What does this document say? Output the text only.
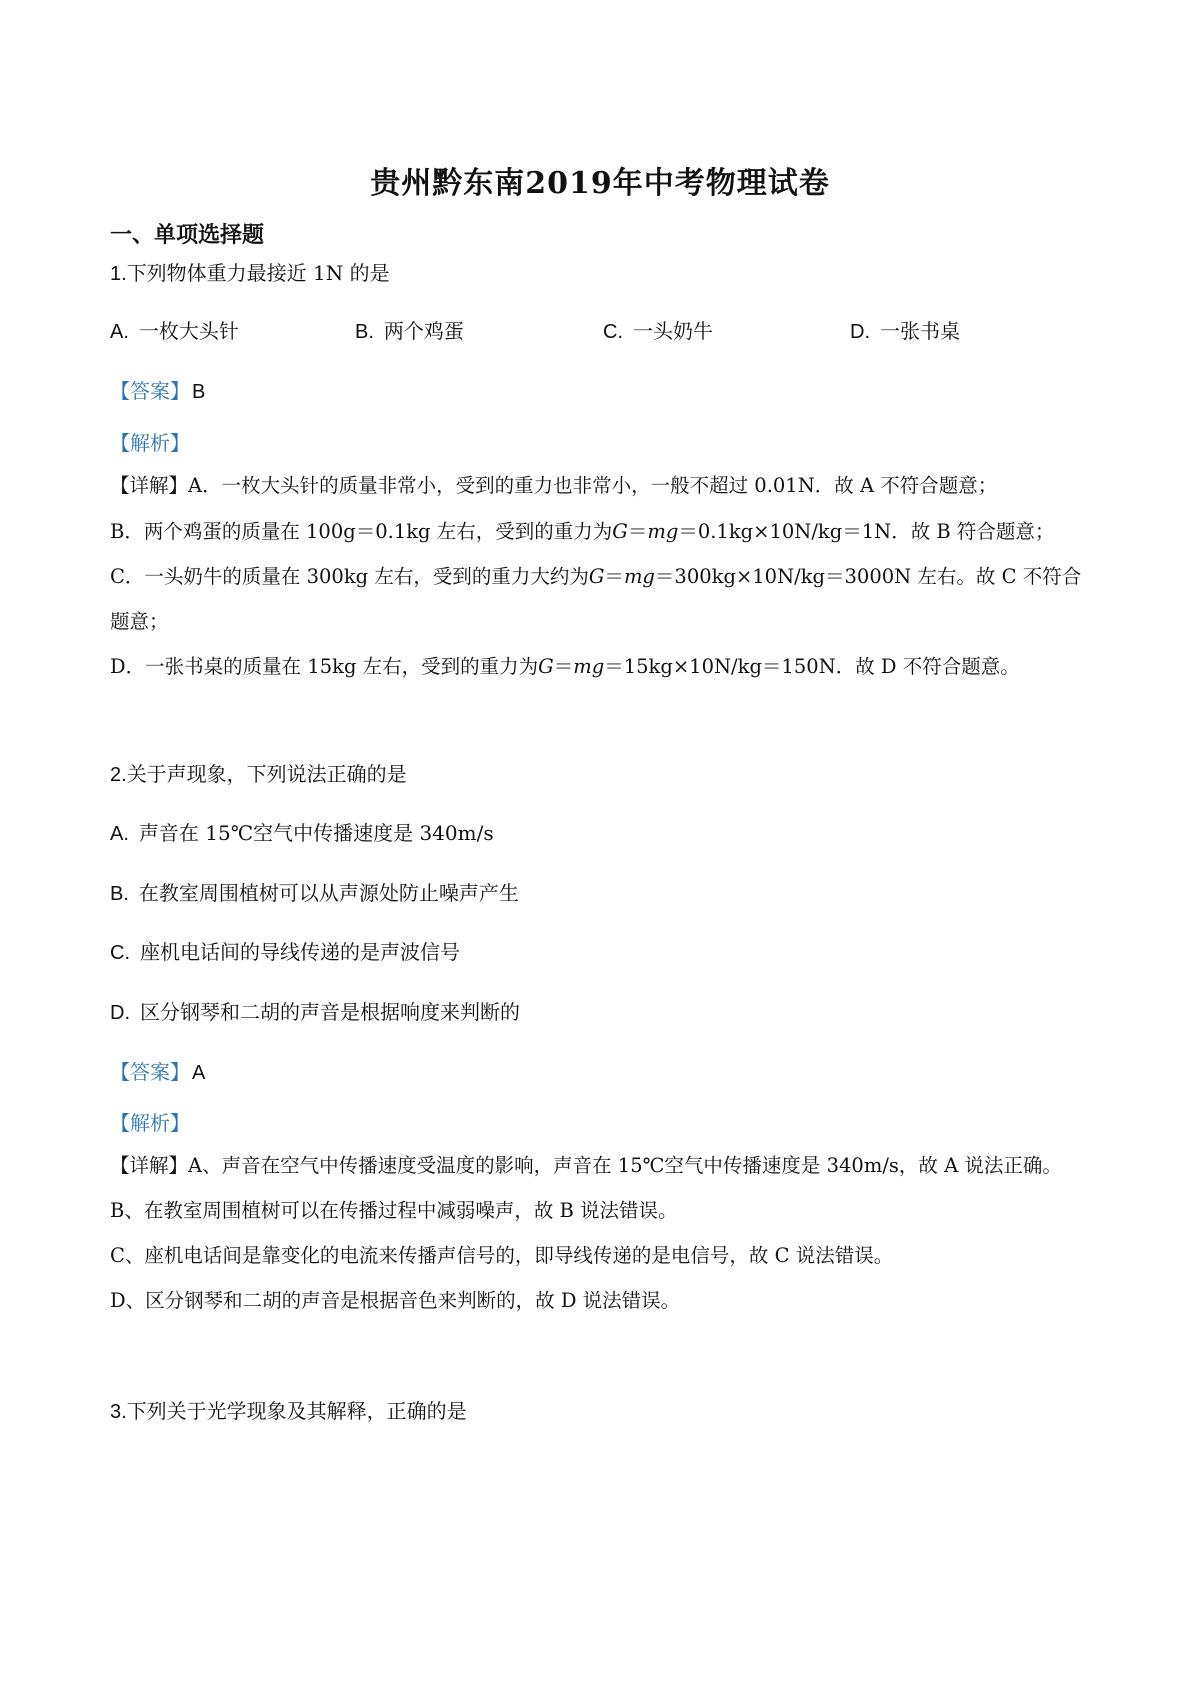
贵州黔东南2019年中考物理试卷
一、单项选择题
1.下列物体重力最接近 1N 的是
A. 一枚大头针	B. 两个鸡蛋	C. 一头奶牛	D. 一张书桌
【答案】 B
【解析】
【详解】A．一枚大头针的质量非常小，受到的重力也非常小，一般不超过 0.01N．故 A 不符合题意；
B．两个鸡蛋的质量在 100g＝0.1kg 左右，受到的重力为G＝mg＝0.1kg×10N/kg＝1N．故 B 符合题意；
C．一头奶牛的质量在 300kg 左右，受到的重力大约为G＝mg＝300kg×10N/kg＝3000N 左右。故 C 不符合
题意；
D．一张书桌的质量在 15kg 左右，受到的重力为G＝mg＝15kg×10N/kg＝150N．故 D 不符合题意。
2.关于声现象，下列说法正确的是
A. 声音在 15℃空气中传播速度是 340m/s
B. 在教室周围植树可以从声源处防止噪声产生
C. 座机电话间的导线传递的是声波信号
D. 区分钢琴和二胡的声音是根据响度来判断的
【答案】 A
【解析】
【详解】A、声音在空气中传播速度受温度的影响，声音在 15℃空气中传播速度是 340m/s，故 A 说法正确。
B、在教室周围植树可以在传播过程中减弱噪声，故 B 说法错误。
C、座机电话间是靠变化的电流来传播声信号的，即导线传递的是电信号，故 C 说法错误。
D、区分钢琴和二胡的声音是根据音色来判断的，故 D 说法错误。
3.下列关于光学现象及其解释，正确的是
